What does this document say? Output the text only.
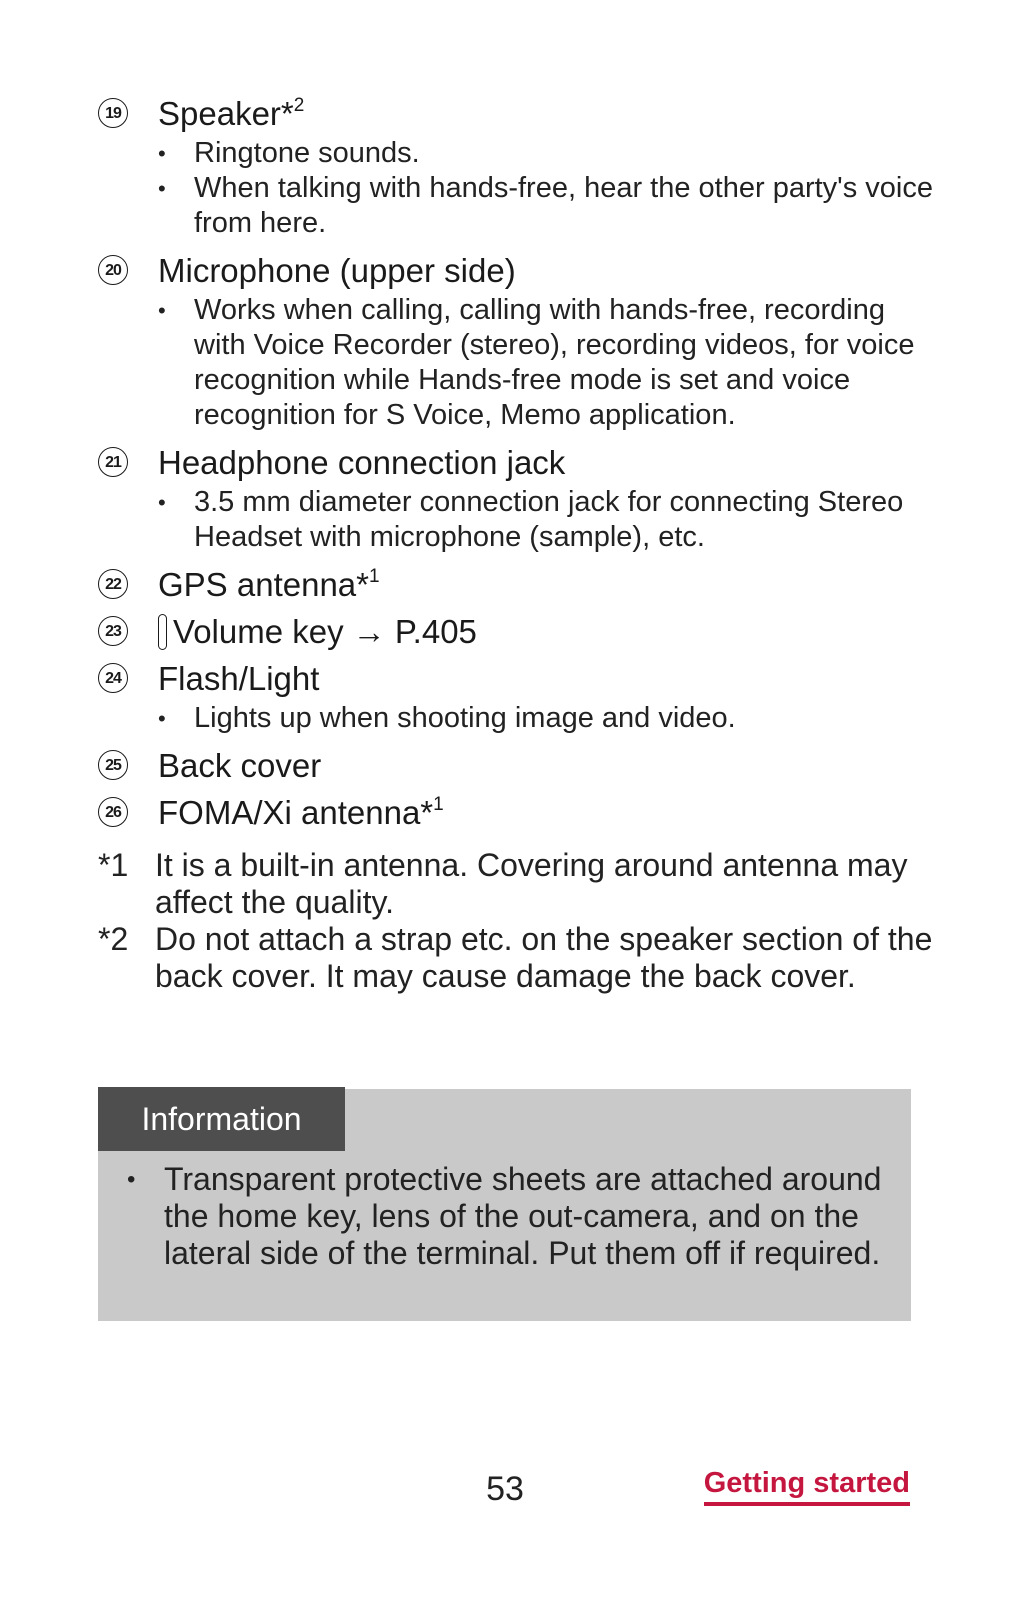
19 Speaker*$^2$
• Ringtone sounds.
• When talking with hands-free, hear the other party's voice from here.
20 Microphone (upper side)
• Works when calling, calling with hands-free, recording with Voice Recorder (stereo), recording videos, for voice recognition while Hands-free mode is set and voice recognition for S Voice, Memo application.
21 Headphone connection jack
• 3.5 mm diameter connection jack for connecting Stereo Headset with microphone (sample), etc.
22 GPS antenna*$^1$
23	Volume key → P.405
24 Flash/Light
• Lights up when shooting image and video.
25 Back cover
26 FOMA/Xi antenna*$^1$
*1 It is a built-in antenna. Covering around antenna may affect the quality.
*2 Do not attach a strap etc. on the speaker section of the back cover. It may cause damage the back cover.
Information
• Transparent protective sheets are attached around the home key, lens of the out-camera, and on the lateral side of the terminal. Put them off if required.
53	Getting started
